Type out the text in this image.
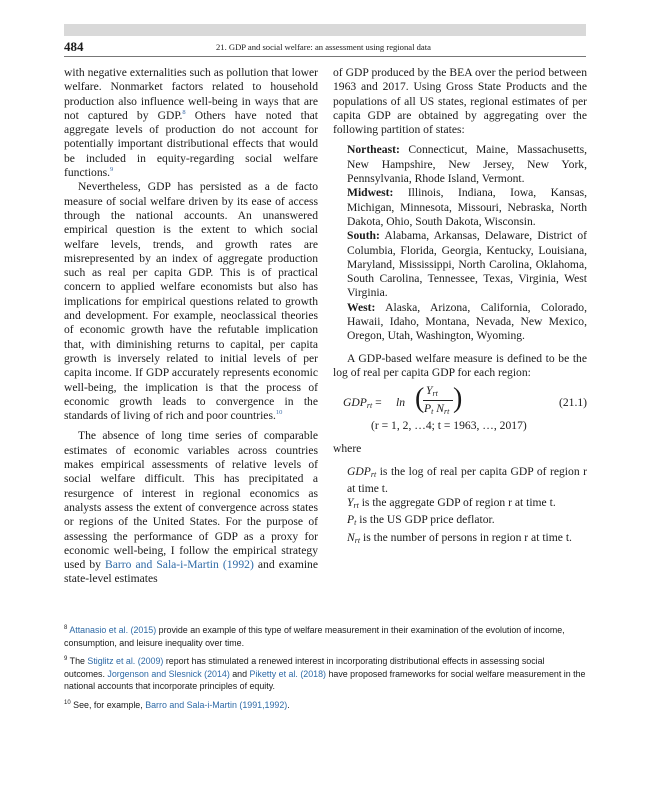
484	21. GDP and social welfare: an assessment using regional data

with negative externalities such as pollution that lower welfare. Nonmarket factors related to household production also influence well-being in ways that are not captured by GDP.$^8$ Others have noted that aggregate levels of production do not account for potentially important distributional effects that would be included in equity-regarding social welfare functions.$^9$

Nevertheless, GDP has persisted as a de facto measure of social welfare driven by its ease of access through the national accounts. An unanswered empirical question is the extent to which social welfare levels, trends, and growth rates are misrepresented by an index of aggregate production such as real per capita GDP. This is of practical concern to applied welfare economists but also has implications for empirical questions related to growth and development. For example, neoclassical theories of economic growth have the refutable implication that, with diminishing returns to capital, per capita growth is inversely related to initial levels of per capita income. If GDP accurately represents economic well-being, the implication is that the process of economic growth leads to convergence in the standards of living of rich and poor countries.$^{10}$

The absence of long time series of comparable estimates of economic variables across countries makes empirical assessments of relative levels of social welfare difficult. This has precipitated a resurgence of interest in regional economics as analysts assess the extent of convergence across states or regions of the United States. For the purpose of assessing the performance of GDP as a proxy for economic well-being, I follow the empirical strategy used by Barro and Sala-i-Martin (1992) and examine state-level estimates

of GDP produced by the BEA over the period between 1963 and 2017. Using Gross State Products and the populations of all US states, regional estimates of per capita GDP are obtained by aggregating over the following partition of states:

Northeast: Connecticut, Maine, Massachusetts, New Hampshire, New Jersey, New York, Pennsylvania, Rhode Island, Vermont.

Midwest: Illinois, Indiana, Iowa, Kansas, Michigan, Minnesota, Missouri, Nebraska, North Dakota, Ohio, South Dakota, Wisconsin.

South: Alabama, Arkansas, Delaware, District of Columbia, Florida, Georgia, Kentucky, Louisiana, Maryland, Mississippi, North Carolina, Oklahoma, South Carolina, Tennessee, Texas, Virginia, West Virginia.

West: Alaska, Arizona, California, Colorado, Hawaii, Idaho, Montana, Nevada, New Mexico, Oregon, Utah, Washington, Wyoming.

A GDP-based welfare measure is defined to be the log of real per capita GDP for each region:

$GDP_{rt} = \ln$ ( $Y_{rt}$
$P_t$ $N_{rt}$ )	(21.1)
(r = 1, 2, …4; t = 1963, …, 2017)

where

$GDP_{rt}$ is the log of real per capita GDP of region r at time t.

$Y_{rt}$ is the aggregate GDP of region r at time t.

$P_t$ is the US GDP price deflator.

$N_{rt}$ is the number of persons in region r at time t.

$^8$ Attanasio et al. (2015) provide an example of this type of welfare measurement in their examination of the evolution of income, consumption, and leisure inequality over time.

$^9$ The Stiglitz et al. (2009) report has stimulated a renewed interest in incorporating distributional effects in assessing social outcomes. Jorgenson and Slesnick (2014) and Piketty et al. (2018) have proposed frameworks for social welfare measurement in the national accounts that incorporate principles of equity.

$^{10}$ See, for example, Barro and Sala-i-Martin (1991,1992).
